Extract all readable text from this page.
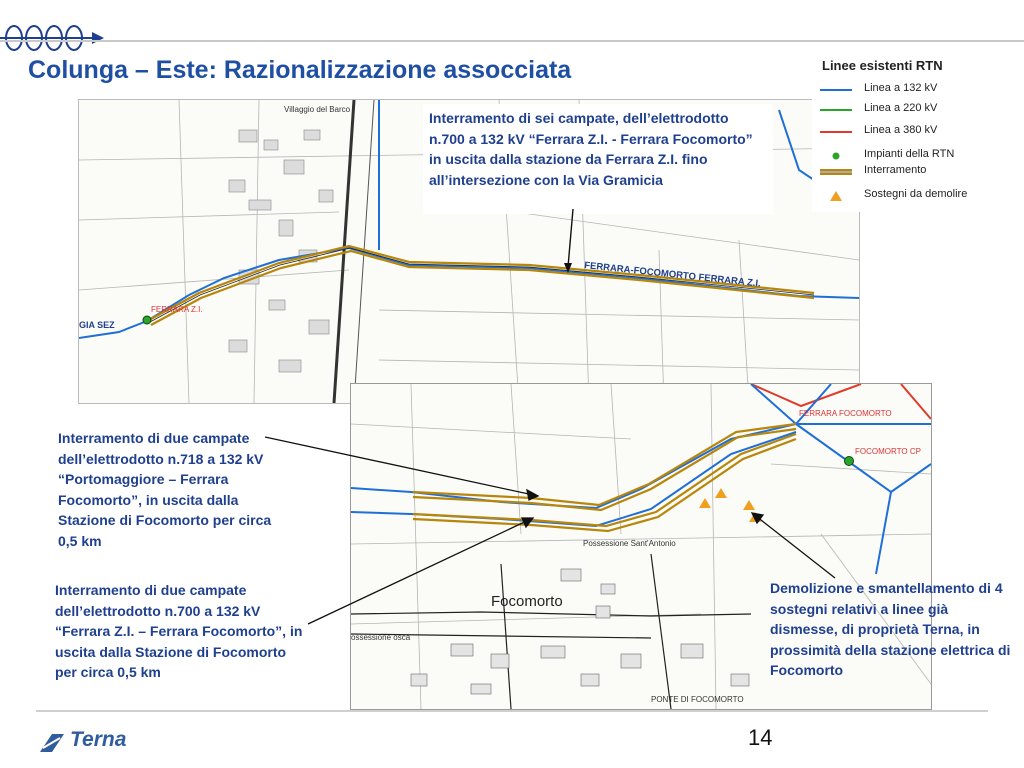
Colunga – Este: Razionalizzazione assocciata
FERRARA Z.I.
GIA SEZ
Villaggio del Barco
FERRARA-FOCOMORTO FERRARA Z.I.
Interramento di sei campate, dell’elettrodotto n.700 a 132 kV “Ferrara Z.I. - Ferrara Focomorto” in uscita dalla stazione da Ferrara Z.I. fino all’intersezione con la Via Gramicia
Linee esistenti RTN
Linea a 132 kV
Linea a 220 kV
Linea a 380 kV
Impianti della RTN
Interramento
Sostegni da demolire
FERRARA FOCOMORTO
FOCOMORTO CP
Focomorto
Possessione Sant'Antonio
ossessione osca
PONTE DI FOCOMORTO
Interramento di due campate dell’elettrodotto n.718 a 132 kV “Portomaggiore – Ferrara Focomorto”, in uscita dalla Stazione di Focomorto per circa 0,5 km
Interramento di due campate dell’elettrodotto n.700 a 132 kV “Ferrara Z.I. – Ferrara Focomorto”, in uscita dalla Stazione di Focomorto per circa 0,5 km
Demolizione e smantellamento di 4 sostegni relativi a linee già dismesse, di proprietà Terna, in prossimità della stazione elettrica di Focomorto
14
Terna
